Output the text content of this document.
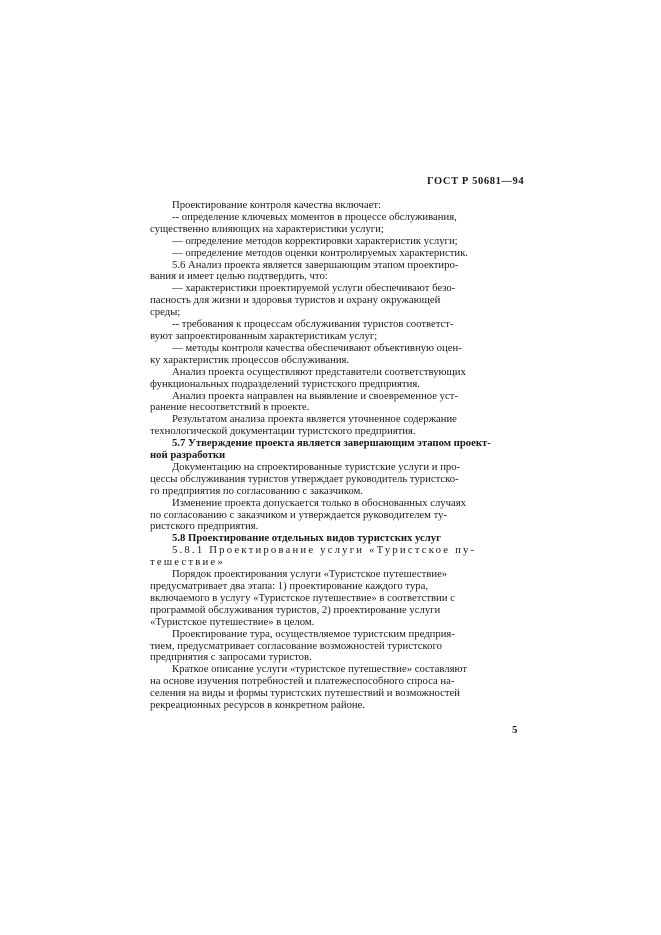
ГОСТ Р 50681—94

Проектирование контроля качества включает:

-- определение ключевых моментов в процессе обслуживания,

существенно влияющих на характеристики услуги;

— определение методов корректировки характеристик услуги;

— определение методов оценки контролируемых характеристик.

5.6 Анализ проекта является завершающим этапом проектиро-

вания и имеет целью подтвердить, что:

— характеристики проектируемой услуги обеспечивают безо-

пасность для жизни и здоровья туристов и охрану окружающей

среды;

-- требования к процессам обслуживания туристов соответст-

вуют запроектированным характеристикам услуг;

— методы контроля качества обеспечивают объективную оцен-

ку характеристик процессов обслуживания.

Анализ проекта осуществляют представители соответствующих

функциональных подразделений туристского предприятия.

Анализ проекта направлен на выявление и своевременное уст-

ранение несоответствий в проекте.

Результатом анализа проекта является уточненное содержание

технологической документации туристского предприятия.

5.7 Утверждение проекта является завершающим этапом проект-

ной разработки

Документацию на спроектированные туристские услуги и про-

цессы обслуживания туристов утверждает руководитель туристско-

го предприятия по согласованию с заказчиком.

Изменение проекта допускается только в обоснованных случаях

по согласованию с заказчиком и утверждается руководителем ту-

ристского предприятия.

5.8 Проектирование отдельных видов туристских услуг

5.8.1 Проектирование услуги «Туристское пу-

тешествие»

Порядок проектирования услуги «Туристское путешествие»

предусматривает два этапа: 1) проектирование каждого тура,

включаемого в услугу «Туристское путешествие» в соответствии с

программой обслуживания туристов, 2) проектирование услуги

«Туристское путешествие» в целом.

Проектирование тура, осуществляемое туристским предприя-

тием, предусматривает согласование возможностей туристского

предприятия с запросами туристов.

Краткое описание услуги «туристское путешествие» составляют

на основе изучения потребностей и платежеспособного спроса на-

селения на виды и формы туристских путешествий и возможностей

рекреационных ресурсов в конкретном районе.

5
